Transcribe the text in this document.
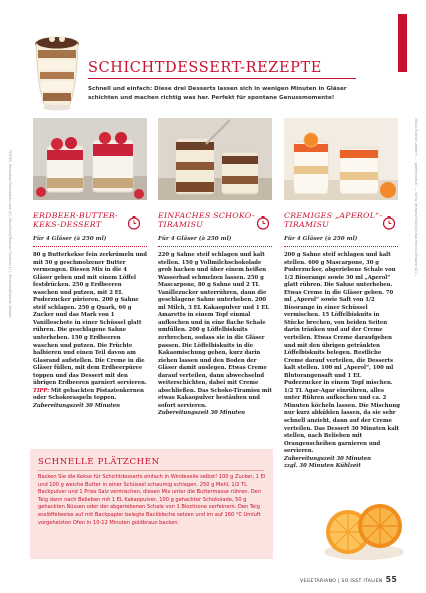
FOTOS: Gefunden/iStockphoto.com (2), StockFood/Teubner Foodfoto (1); Stockfood/Sabine Löhnert	iStock/Sabine Löhnert: ...: gunfire/stock: ..., Getty Images/iStock/Joshua Resnick/Edwina (2)/...
SCHICHTDESSERT-REZEPTE
Schnell und einfach: Diese drei Desserts lassen sich in wenigen Minuten in Gläser schichten und machen richtig was her. Perfekt für spontane Genussmomente!
ERDBEER-BUTTER-
KEKS-DESSERT
Für 4 Gläser (à 250 ml)
80 g Butterkekse fein zerkrümeln und mit 50 g geschmolzener Butter vermengen. Diesen Mix in die 4 Gläser geben und mit einem Löffel festdrücken. 250 g Erdbeeren waschen und putzen, mit 2 EL Puderzucker pürieren. 200 g Sahne steif schlagen. 250 g Quark, 60 g Zucker und das Mark von 1 Vanilleschote in einer Schüssel glatt rühren. Die geschlagene Sahne unterheben. 150 g Erdbeeren waschen und putzen. Die Früchte halbieren und einen Teil davon am Glasrand aufstellen. Die Creme in die Gläser füllen, mit dem Erdbeerpüree toppen und das Dessert mit den übrigen Erdbeeren garniert servieren. TIPP: Mit gehackten Pistazienkernen oder Schokoraspeln toppen.
Zubereitungszeit 30 Minuten
EINFACHES SCHOKO-
TIRAMISU
Für 4 Gläser (à 250 ml)
220 g Sahne steif schlagen und kalt stellen. 150 g Vollmilchschokolade grob hacken und über einem heißen Wasserbad schmelzen lassen. 250 g Mascarpone, 80 g Sahne und 2 TL Vanillezucker unterrühren, dann die geschlagene Sahne unterheben. 200 ml Milch, 3 EL Kakaopulver und 1 EL Amaretto in einem Topf einmal aufkochen und in eine flache Schale umfüllen. 200 g Löffelbiskuits zerbrechen, sodass sie in die Gläser passen. Die Löffelbiskuits in die Kakaomischung geben, kurz darin ziehen lassen und den Boden der Gläser damit auslegen. Etwas Creme darauf verteilen, dann abwechselnd weiterschichten, dabei mit Creme abschließen. Das Schoko-Tiramisu mit etwas Kakaopulver bestäuben und sofort servieren.
Zubereitungszeit 30 Minuten
CREMIGES „APEROL“-
TIRAMISU
Für 4 Gläser (à 250 ml)
200 g Sahne steif schlagen und kalt stellen. 400 g Mascarpone, 30 g Puderzucker, abgeriebene Schale von 1/2 Bioorange sowie 30 ml „Aperol“ glatt rühren. Die Sahne unterheben. Etwas Creme in die Gläser geben. 70 ml „Aperol“ sowie Saft von 1/2 Bioorange in einer Schüssel vermischen. 15 Löffelbiskuits in Stücke brechen, von beiden Seiten darin tränken und auf der Creme verteilen. Etwas Creme daraufgeben und mit den übrigen getränkten Löffelbiskuits belegen. Restliche Creme darauf verteilen, die Desserts kalt stellen. 100 ml „Aperol“, 100 ml Blutorangensaft und 1 EL Puderzucker in einem Topf mischen. 1/2 TL Agar-Agar einrühren, alles unter Rühren aufkochen und ca. 2 Minuten köcheln lassen. Die Mischung nur kurz abkühlen lassen, da sie sehr schnell anzieht, dann auf der Creme verteilen. Das Dessert 30 Minuten kalt stellen, nach Belieben mit Orangenscheiben garnieren und servieren.
Zubereitungszeit 30 Minuten
zzgl. 30 Minuten Kühlzeit
SCHNELLE PLÄTZCHEN
Backen Sie die Kekse für Schichtdesserts einfach in Windeseile selbst! 100 g Zucker, 1 Ei und 100 g weiche Butter in einer Schüssel schaumig schlagen. 250 g Mehl, 1/2 TL Backpulver und 1 Prise Salz vermischen, diesen Mix unter die Buttermasse rühren. Den Teig dann nach Belieben mit 1 EL Kakaopulver, 100 g gehackter Schokolade, 50 g gehackten Nüssen oder der abgeriebenen Schale von 1 Biozitrone verfeinern. Den Teig esslöffelweise auf mit Backpapier belegte Backbleche setzen und im auf 160 °C Umluft vorgeheizten Ofen in 10-12 Minuten goldbraun backen.
VEGETARIANO | SO ISST ITALIEN 55
